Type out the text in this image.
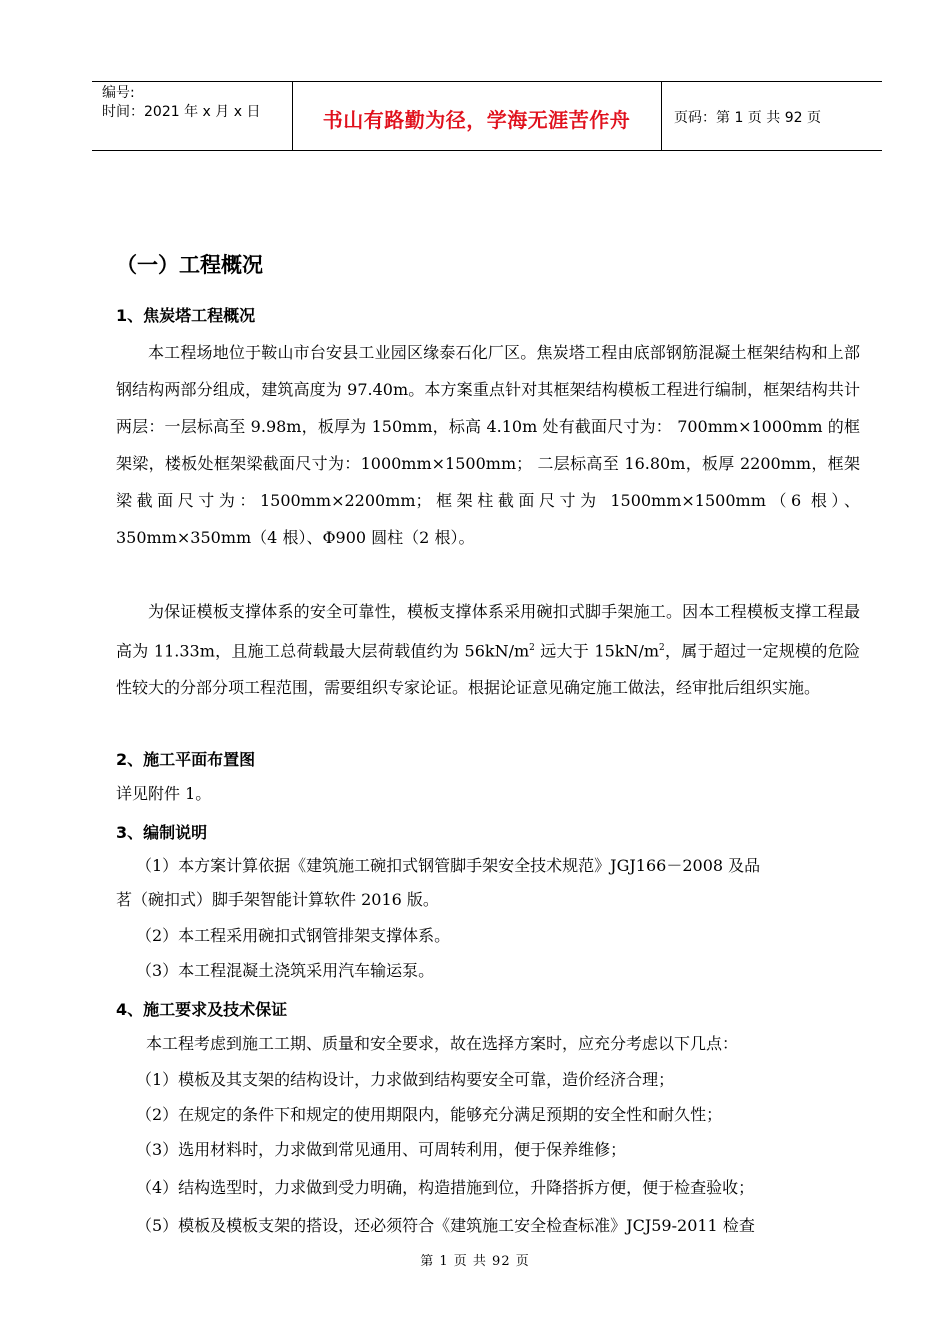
编号:
时间：2021 年 x 月 x 日	书山有路勤为径，学海无涯苦作舟	页码：第 1 页 共 92 页
（一）工程概况
1、焦炭塔工程概况
本工程场地位于鞍山市台安县工业园区缘泰石化厂区。焦炭塔工程由底部钢筋混凝土框架结构和上部钢结构两部分组成，建筑高度为 97.40m。本方案重点针对其框架结构模板工程进行编制，框架结构共计两层：一层标高至 9.98m，板厚为 150mm，标高 4.10m 处有截面尺寸为： 700mm×1000mm 的框架梁，楼板处框架梁截面尺寸为：1000mm×1500mm； 二层标高至 16.80m，板厚 2200mm，框架梁截面尺寸为：1500mm×2200mm；框架柱截面尺寸为 1500mm×1500mm（6 根）、350mm×350mm（4 根）、Φ900 圆柱（2 根）。
为保证模板支撑体系的安全可靠性，模板支撑体系采用碗扣式脚手架施工。因本工程模板支撑工程最高为 11.33m，且施工总荷载最大层荷载值约为 $56kN/m^2$ 远大于 $15kN/m^2$，属于超过一定规模的危险性较大的分部分项工程范围，需要组织专家论证。根据论证意见确定施工做法，经审批后组织实施。
2、施工平面布置图
详见附件 1。
3、编制说明
（1）本方案计算依据《建筑施工碗扣式钢管脚手架安全技术规范》JGJ166－2008 及品
茗（碗扣式）脚手架智能计算软件 2016 版。
（2）本工程采用碗扣式钢管排架支撑体系。
（3）本工程混凝土浇筑采用汽车输运泵。
4、施工要求及技术保证
本工程考虑到施工工期、质量和安全要求，故在选择方案时，应充分考虑以下几点：
（1）模板及其支架的结构设计，力求做到结构要安全可靠，造价经济合理；
（2）在规定的条件下和规定的使用期限内，能够充分满足预期的安全性和耐久性；
（3）选用材料时，力求做到常见通用、可周转利用，便于保养维修；
（4）结构选型时，力求做到受力明确，构造措施到位，升降搭拆方便，便于检查验收；
（5）模板及模板支架的搭设，还必须符合《建筑施工安全检查标准》JCJ59-2011 检查
第 1 页 共 92 页
